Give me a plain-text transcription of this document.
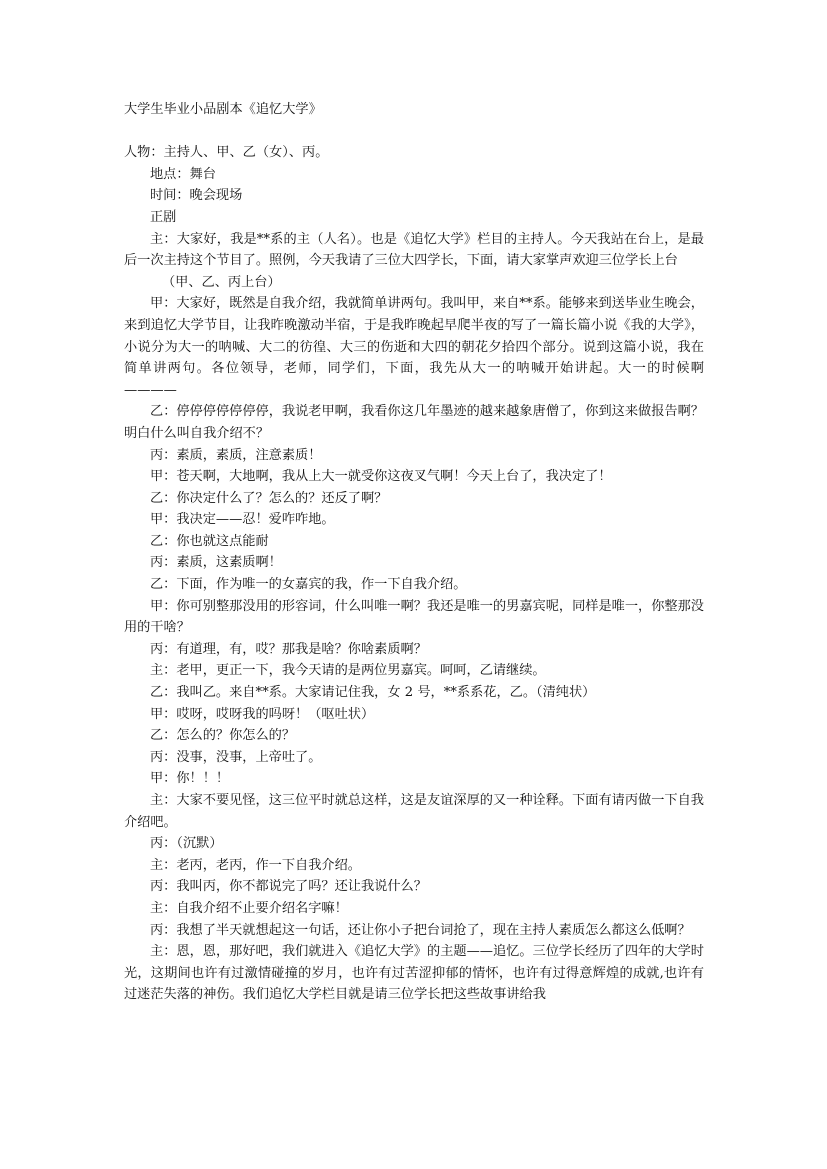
大学生毕业小品剧本《追忆大学》

人物：主持人、甲、乙（女）、丙。

地点：舞台

时间：晚会现场

正剧

主：大家好，我是**系的主（人名）。也是《追忆大学》栏目的主持人。今天我站在台上，是最后一次主持这个节目了。照例，今天我请了三位大四学长，下面，请大家掌声欢迎三位学长上台

（甲、乙、丙上台）

甲：大家好，既然是自我介绍，我就简单讲两句。我叫甲，来自**系。能够来到送毕业生晚会，来到追忆大学节目，让我昨晚激动半宿，于是我昨晚起早爬半夜的写了一篇长篇小说《我的大学》，小说分为大一的呐喊、大二的彷徨、大三的伤逝和大四的朝花夕拾四个部分。说到这篇小说，我在简单讲两句。各位领导，老师，同学们，下面，我先从大一的呐喊开始讲起。大一的时候啊————

乙：停停停停停停停，我说老甲啊，我看你这几年墨迹的越来越象唐僧了，你到这来做报告啊？明白什么叫自我介绍不？

丙：素质，素质，注意素质！

甲：苍天啊，大地啊，我从上大一就受你这夜叉气啊！今天上台了，我决定了！

乙：你决定什么了？怎么的？还反了啊？

甲：我决定——忍！爱咋咋地。

乙：你也就这点能耐

丙：素质，这素质啊！

乙：下面，作为唯一的女嘉宾的我，作一下自我介绍。

甲：你可别整那没用的形容词，什么叫唯一啊？我还是唯一的男嘉宾呢，同样是唯一，你整那没用的干啥？

丙：有道理，有，哎？那我是啥？你啥素质啊？

主：老甲，更正一下，我今天请的是两位男嘉宾。呵呵，乙请继续。

乙：我叫乙。来自**系。大家请记住我，女 2 号，**系系花，乙。（清纯状）

甲：哎呀，哎呀我的吗呀！（呕吐状）

乙：怎么的？你怎么的？

丙：没事，没事，上帝吐了。

甲：你！！！

主：大家不要见怪，这三位平时就总这样，这是友谊深厚的又一种诠释。下面有请丙做一下自我介绍吧。

丙：（沉默）

主：老丙，老丙，作一下自我介绍。

丙：我叫丙，你不都说完了吗？还让我说什么？

主：自我介绍不止要介绍名字嘛！

丙：我想了半天就想起这一句话，还让你小子把台词抢了，现在主持人素质怎么都这么低啊？

主：恩，恩，那好吧，我们就进入《追忆大学》的主题——追忆。三位学长经历了四年的大学时光，这期间也许有过激情碰撞的岁月，也许有过苦涩抑郁的情怀，也许有过得意辉煌的成就,也许有过迷茫失落的神伤。我们追忆大学栏目就是请三位学长把这些故事讲给我
